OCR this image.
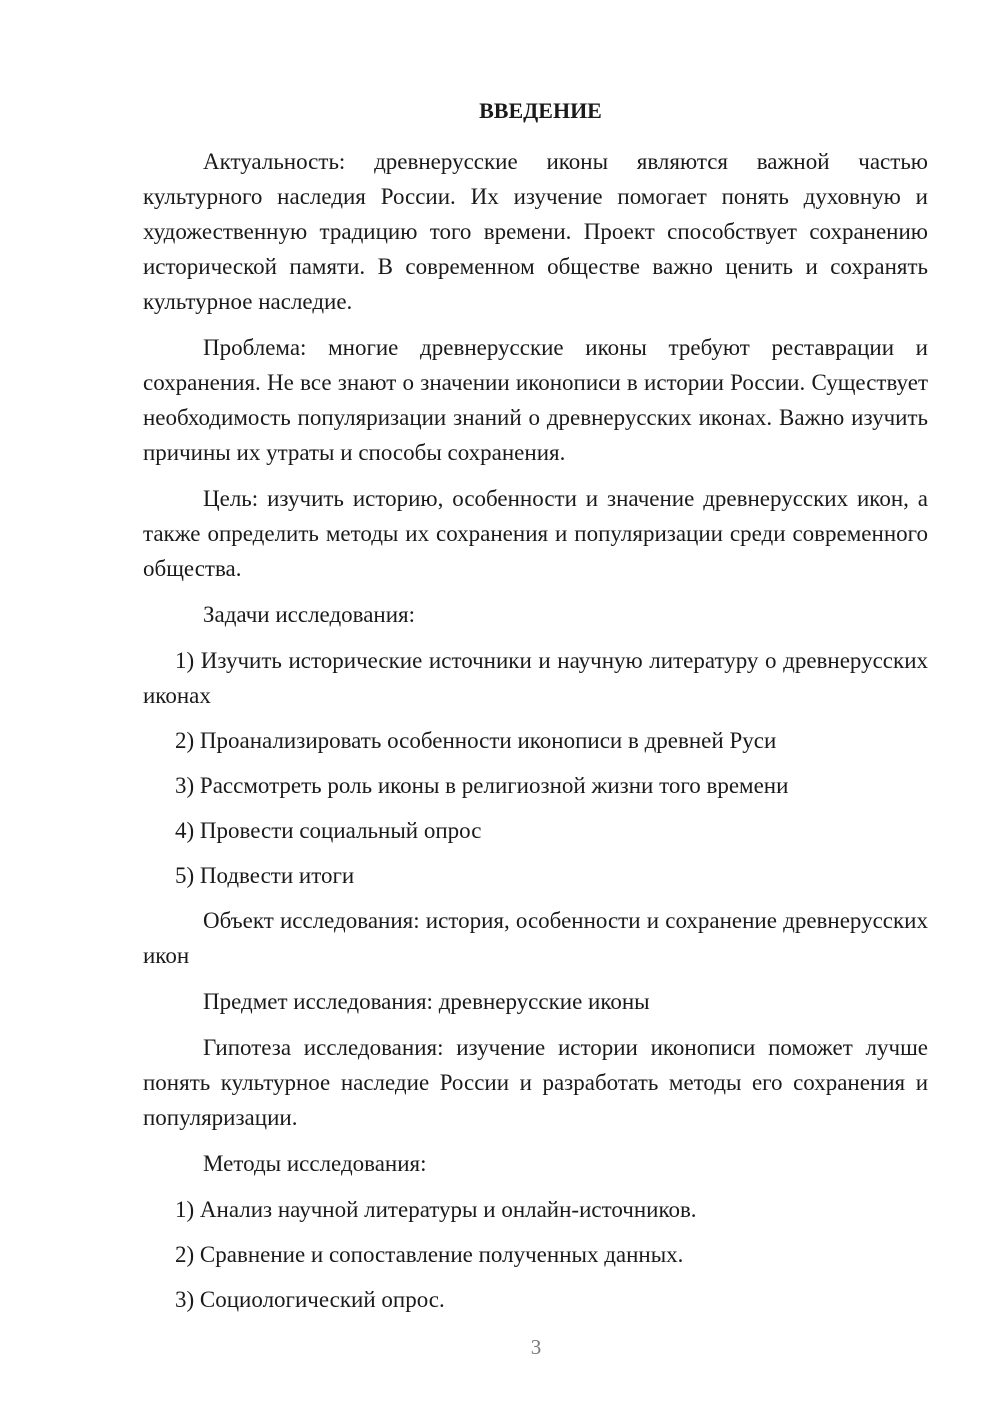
ВВЕДЕНИЕ

Актуальность: древнерусские иконы являются важной частью культурного наследия России. Их изучение помогает понять духовную и художественную традицию того времени. Проект способствует сохранению исторической памяти. В современном обществе важно ценить и сохранять культурное наследие.

Проблема: многие древнерусские иконы требуют реставрации и сохранения. Не все знают о значении иконописи в истории России. Существует необходимость популяризации знаний о древнерусских иконах. Важно изучить причины их утраты и способы сохранения.

Цель: изучить историю, особенности и значение древнерусских икон, а также определить методы их сохранения и популяризации среди современного общества.

Задачи исследования:

1) Изучить исторические источники и научную литературу о древнерусских иконах

2) Проанализировать особенности иконописи в древней Руси

3) Рассмотреть роль иконы в религиозной жизни того времени

4) Провести социальный опрос

5) Подвести итоги

Объект исследования: история, особенности и сохранение древнерусских икон

Предмет исследования: древнерусские иконы

Гипотеза исследования: изучение истории иконописи поможет лучше понять культурное наследие России и разработать методы его сохранения и популяризации.

Методы исследования:

1) Анализ научной литературы и онлайн-источников.

2) Сравнение и сопоставление полученных данных.

3) Социологический опрос.

3
